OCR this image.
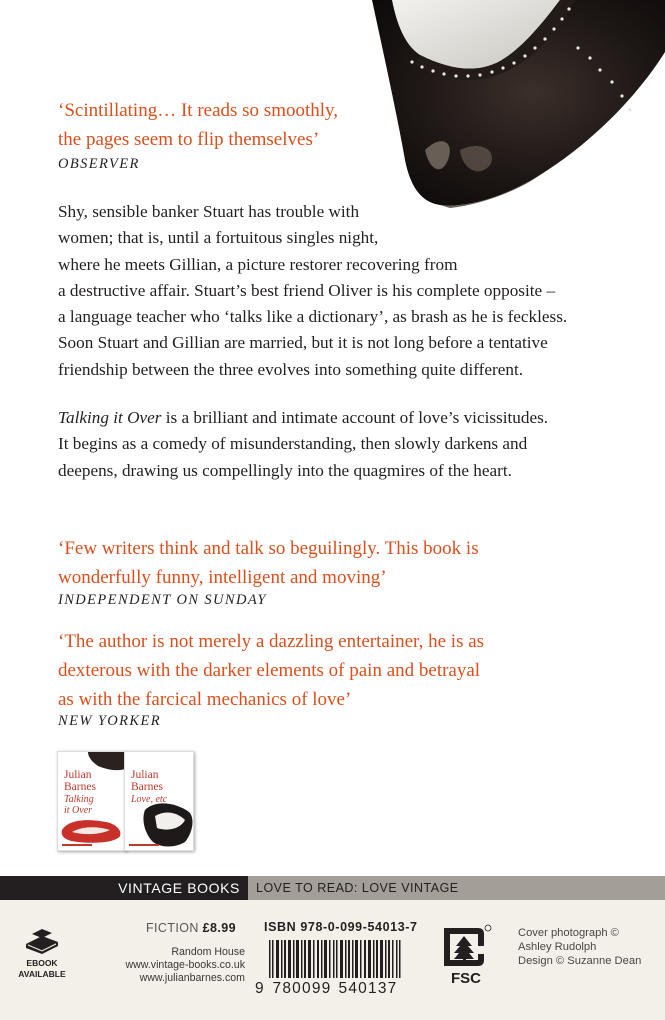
‘Scintillating… It reads so smoothly,
the pages seem to flip themselves’
OBSERVER
Shy, sensible banker Stuart has trouble with
women; that is, until a fortuitous singles night,
where he meets Gillian, a picture restorer recovering from
a destructive affair. Stuart’s best friend Oliver is his complete opposite –
a language teacher who ‘talks like a dictionary’, as brash as he is feckless.
Soon Stuart and Gillian are married, but it is not long before a tentative
friendship between the three evolves into something quite different.
Talking it Over is a brilliant and intimate account of love’s vicissitudes.
It begins as a comedy of misunderstanding, then slowly darkens and
deepens, drawing us compellingly into the quagmires of the heart.
‘Few writers think and talk so beguilingly. This book is
wonderfully funny, intelligent and moving’
INDEPENDENT ON SUNDAY
‘The author is not merely a dazzling entertainer, he is as
dexterous with the darker elements of pain and betrayal
as with the farcical mechanics of love’
NEW YORKER
Julian
Barnes
Talking
it Over
Julian
Barnes
Love, etc
VINTAGE BOOKS	LOVE TO READ: LOVE VINTAGE
EBOOK
AVAILABLE
FICTION £8.99
Random House
www.vintage-books.co.uk
www.julianbarnes.com
ISBN 978-0-099-54013-7
9 780099 540137
FSC
Cover photograph ©
Ashley Rudolph
Design © Suzanne Dean
